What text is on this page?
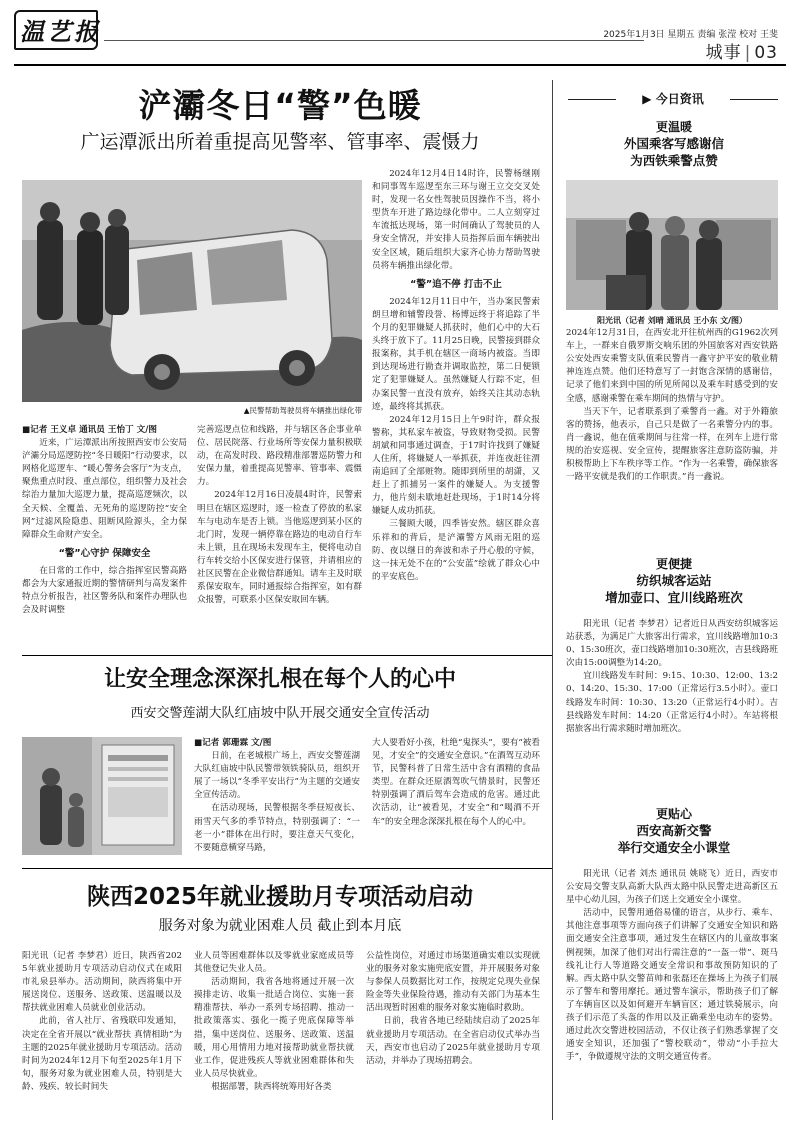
温艺报	2025年1月3日 星期五 责编 张滢 校对 王斐
城事 | 03
浐灞冬日“警”色暖
广运潭派出所着重提高见警率、管事率、震慑力
▲民警帮助驾驶员将车辆推出绿化带

■记者 王义卓 通讯员 王怡丁 文/图

近来，广运潭派出所按照西安市公安局浐灞分局巡逻防控“冬日暖阳”行动要求，以网格化巡逻车、“暖心警务会客厅”为支点，聚焦重点时段、重点部位，组织警力及社会综治力量加大巡逻力量，提高巡逻频次，以全天候、全覆盖、无死角的巡逻防控“安全网”过滤风险隐患、阻断风险源头，全力保障群众生命财产安全。

“警”心守护 保障安全

在日常的工作中，综合指挥室民警高路都会为大家通报近期的警情研判与高发案件特点分析报告，社区警务队和案件办理队也会及时调整

完善巡逻点位和线路，并与辖区各企事业单位、居民院落、行业场所等安保力量积极联动，在高发时段、路段精准部署巡防警力和安保力量，着重提高见警率、管事率、震慑力。

2024年12月16日凌晨4时许，民警索明旦在辖区巡逻时，逐一检查了停放的私家车与电动车是否上锁。当他巡逻到某小区的北门时，发现一辆停靠在路边的电动自行车未上锁，且在现场未发现车主，便将电动自行车转交给小区保安进行保管，并请相应的社区民警在企业微信群通知。请车主及时联系保安取车，同时通报综合指挥室，如有群众报警，可联系小区保安取回车辆。

2024年12月4日14时许，民警杨继刚和同事驾车巡逻至东三环与谢王立交交叉处时，发现一名女性驾驶员因操作不当，将小型货车开进了路边绿化带中。二人立刻穿过车流抵达现场，第一时间确认了驾驶员的人身安全情况，并安排人员指挥后面车辆驶出安全区域，随后组织大家齐心协力帮助驾驶员将车辆推出绿化带。

“警”追不停 打击不止

2024年12月11日中午，当办案民警索朗旦增和辅警段誉、杨博远终于将追踪了半个月的犯罪嫌疑人抓获时，他们心中的大石头终于放下了。11月25日晚，民警接到群众报案称，其手机在辖区一商场内被盗。当即到达现场进行勘查并调取监控，第二日便锁定了犯罪嫌疑人。虽然嫌疑人行踪不定，但办案民警一直没有放弃，始终关注其动态轨迹，最终将其抓获。

2024年12月15日上午9时许，群众报警称，其私家车被盗，导致财物受损。民警胡斌和同事通过调查，于17时许找到了嫌疑人住所，将嫌疑人一举抓获，并连夜赶往渭南追回了全部赃物。随即到所里的胡潇，又赶上了抓捕另一案件的嫌疑人。为支援警力，他片刻未歇地赶赴现场，于1时14分将嫌疑人成功抓获。

三餐顾大暖，四季皆安然。辖区群众喜乐祥和的背后，是浐灞警方风雨无阻的巡防、夜以继日的奔波和赤子丹心般的守候，这一抹无处不在的“公安蓝”绘就了群众心中的平安底色。

让安全理念深深扎根在每个人的心中
西安交警莲湖大队红庙坡中队开展交通安全宣传活动

■记者 郭珊霖 文/图

日前，在老城根广场上，西安交警莲湖大队红庙坡中队民警带领铁骑队员，组织开展了一场以“冬季平安出行”为主题的交通安全宣传活动。

在活动现场，民警根据冬季昼短夜长、雨雪天气多的季节特点，特别强调了：“一老一小”群体在出行时，要注意天气变化，不要随意横穿马路，

大人要看好小孩，杜绝“鬼探头”，要有“被看见，才安全”的交通安全意识。”在酒驾互动环节，民警科普了日常生活中含有酒精的食品类型。在群众还原酒驾吹气情景时，民警还特别强调了酒后驾车会造成的危害。通过此次活动，让“被看见，才安全”和“喝酒不开车”的安全理念深深扎根在每个人的心中。

陕西2025年就业援助月专项活动启动
服务对象为就业困难人员 截止到本月底

阳光讯（记者 李梦君）近日，陕西省2025年就业援助月专项活动启动仪式在咸阳市礼泉县举办。活动期间，陕西将集中开展送岗位、送服务、送政策、送温暖以及帮扶就业困难人员就业创业活动。

此前，省人社厅、省残联印发通知，决定在全省开展以“就业帮扶 真情相助”为主题的2025年就业援助月专项活动。活动时间为2024年12月下旬至2025年1月下旬，服务对象为就业困难人员，特别是大龄、残疾、较长时间失

业人员等困难群体以及零就业家庭成员等其他登记失业人员。

活动期间，我省各地将通过开展一次摸排走访、收集一批适合岗位、实施一套精准帮扶、举办一系列专场招聘、推动一批政策落实、强化一揽子兜底保障等举措，集中送岗位、送服务、送政策、送温暖，用心用情用力地对接帮助就业帮扶就业工作，促进残疾人等就业困难群体和失业人员尽快就业。

根据部署，陕西将统筹用好各类

公益性岗位，对通过市场渠道确实难以实现就业的服务对象实施兜底安置，并开展服务对象与参保人员数据比对工作，按规定兑现失业保险金等失业保险待遇，推动有关部门为基本生活出现暂时困难的服务对象实施临时救助。

日前，我省各地已经陆续启动了2025年就业援助月专项活动。在全省启动仪式举办当天，西安市也启动了2025年就业援助月专项活动，并举办了现场招聘会。

▶ 今日资讯

更温暖

外国乘客写感谢信

为西铁乘警点赞

阳光讯（记者 刘晴 通讯员 王小东 文/图）

2024年12月31日，在西安北开往杭州西的G1962次列车上，一群来自俄罗斯交响乐团的外国旅客对西安铁路公安处西安乘警支队值乘民警肖一鑫守护平安的敬业精神连连点赞。他们还特意写了一封饱含深情的感谢信，记录了他们来到中国的所见所闻以及乘车时感受到的安全感，感谢乘警在乘车期间的热情与守护。

当天下午，记者联系到了乘警肖一鑫。对于外籍旅客的赞扬，他表示，自己只是做了一名乘警分内的事。肖一鑫说，他在值乘期间与往常一样，在列车上进行常规的治安巡视、安全宣传，提醒旅客注意防盗防骗，并积极帮助上下车秩序等工作。“作为一名乘警，确保旅客一路平安就是我们的工作职责。”肖一鑫说。

更便捷

纺织城客运站

增加壶口、宜川线路班次

阳光讯（记者 李梦君）记者近日从西安纺织城客运站获悉，为满足广大旅客出行需求，宜川线路增加10:30、15:30班次，壶口线路增加10:30班次，吉县线路班次由15:00调整为14:20。

宜川线路发车时间：9:15、10:30、12:00、13:20、14:20、15:30、17:00（正常运行3.5小时）。壶口线路发车时间：10:30、13:20（正常运行4小时）。吉县线路发车时间：14:20（正常运行4小时）。车站将根据旅客出行需求随时增加班次。

更贴心

西安高新交警

举行交通安全小课堂

阳光讯（记者 刘杰 通讯员 姚晓飞）近日，西安市公安局交警支队高新大队西太路中队民警走进高新区五星中心幼儿园，为孩子们送上交通安全小课堂。

活动中，民警用通俗易懂的语言，从步行、乘车、其他注意事项等方面向孩子们讲解了交通安全知识和路面交通安全注意事项，通过发生在辖区内的儿童故事案例视频，加深了他们对出行需注意的“一盔一带”、斑马线礼让行人等道路交通安全常识和事故预防知识的了解。西太路中队交警苗帅和张磊还在操场上为孩子们展示了警车和警用摩托。通过警车演示，帮助孩子们了解了车辆盲区以及如何避开车辆盲区；通过铁骑展示，向孩子们示范了头盔的作用以及正确乘坐电动车的姿势。通过此次交警进校园活动，不仅让孩子们熟悉掌握了交通安全知识，还加强了“警校联动”，带动“小手拉大手”，争做遵规守法的文明交通宣传者。
